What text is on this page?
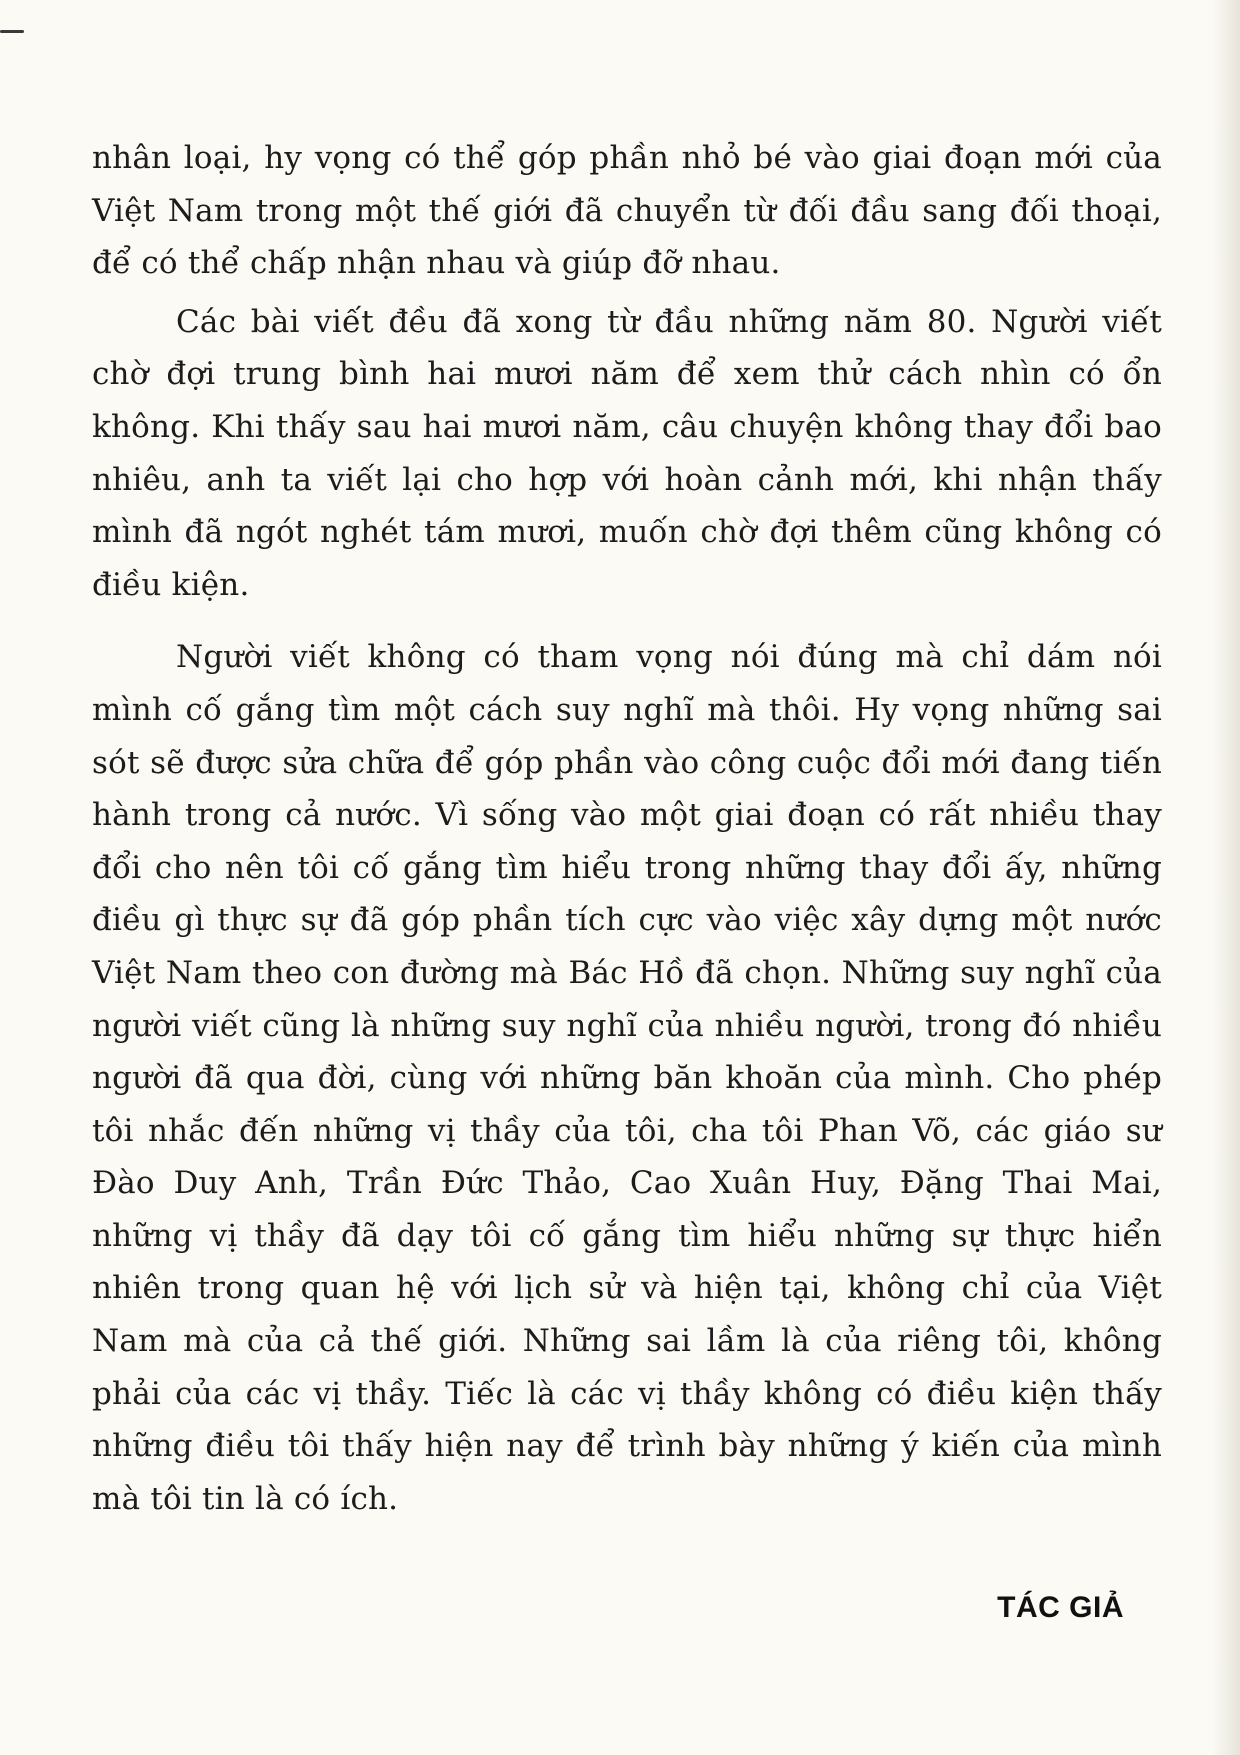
nhân loại, hy vọng có thể góp phần nhỏ bé vào giai đoạn mới của Việt Nam trong một thế giới đã chuyển từ đối đầu sang đối thoại, để có thể chấp nhận nhau và giúp đỡ nhau.

Các bài viết đều đã xong từ đầu những năm 80. Người viết chờ đợi trung bình hai mươi năm để xem thử cách nhìn có ổn không. Khi thấy sau hai mươi năm, câu chuyện không thay đổi bao nhiêu, anh ta viết lại cho hợp với hoàn cảnh mới, khi nhận thấy mình đã ngót nghét tám mươi, muốn chờ đợi thêm cũng không có điều kiện.

Người viết không có tham vọng nói đúng mà chỉ dám nói mình cố gắng tìm một cách suy nghĩ mà thôi. Hy vọng những sai sót sẽ được sửa chữa để góp phần vào công cuộc đổi mới đang tiến hành trong cả nước. Vì sống vào một giai đoạn có rất nhiều thay đổi cho nên tôi cố gắng tìm hiểu trong những thay đổi ấy, những điều gì thực sự đã góp phần tích cực vào việc xây dựng một nước Việt Nam theo con đường mà Bác Hồ đã chọn. Những suy nghĩ của người viết cũng là những suy nghĩ của nhiều người, trong đó nhiều người đã qua đời, cùng với những băn khoăn của mình. Cho phép tôi nhắc đến những vị thầy của tôi, cha tôi Phan Võ, các giáo sư Đào Duy Anh, Trần Đức Thảo, Cao Xuân Huy, Đặng Thai Mai, những vị thầy đã dạy tôi cố gắng tìm hiểu những sự thực hiển nhiên trong quan hệ với lịch sử và hiện tại, không chỉ của Việt Nam mà của cả thế giới. Những sai lầm là của riêng tôi, không phải của các vị thầy. Tiếc là các vị thầy không có điều kiện thấy những điều tôi thấy hiện nay để trình bày những ý kiến của mình mà tôi tin là có ích.

TÁC GIẢ
